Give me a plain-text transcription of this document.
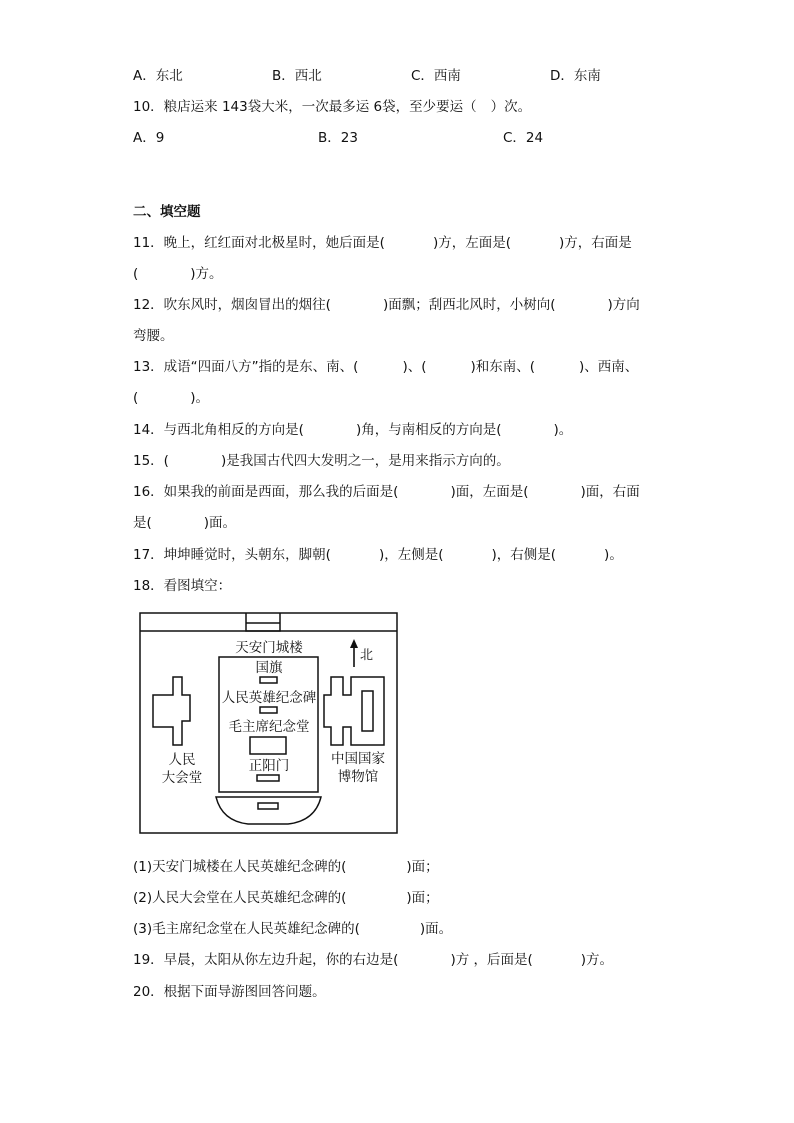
A．东北	B．西北	C．西南	D．东南
10．粮店运来 143袋大米，一次最多运 6袋，至少要运（ ）次。
A．9	B．23	C．24
二、填空题
11．晚上，红红面对北极星时，她后面是(	)方，左面是(	)方，右面是
(	)方。
12．吹东风时，烟囱冒出的烟往(	)面飘；刮西北风时，小树向(	)方向
弯腰。
13．成语“四面八方”指的是东、南、(	)、(	)和东南、(	)、西南、
(	)。
14．与西北角相反的方向是(	)角，与南相反的方向是(	)。
15．(	)是我国古代四大发明之一，是用来指示方向的。
16．如果我的前面是西面，那么我的后面是(	)面，左面是(	)面，右面
是(	)面。
17．坤坤睡觉时，头朝东，脚朝(	)，左侧是(	)，右侧是(	)。
18．看图填空：
天安门城楼	北
国旗
人民英雄纪念碑
毛主席纪念堂
正阳门
人民
大会堂
中国国家
博物馆
(1)天安门城楼在人民英雄纪念碑的(	)面；
(2)人民大会堂在人民英雄纪念碑的(	)面；
(3)毛主席纪念堂在人民英雄纪念碑的(	)面。
19．早晨，太阳从你左边升起，你的右边是(	)方 ，后面是(	)方。
20．根据下面导游图回答问题。
